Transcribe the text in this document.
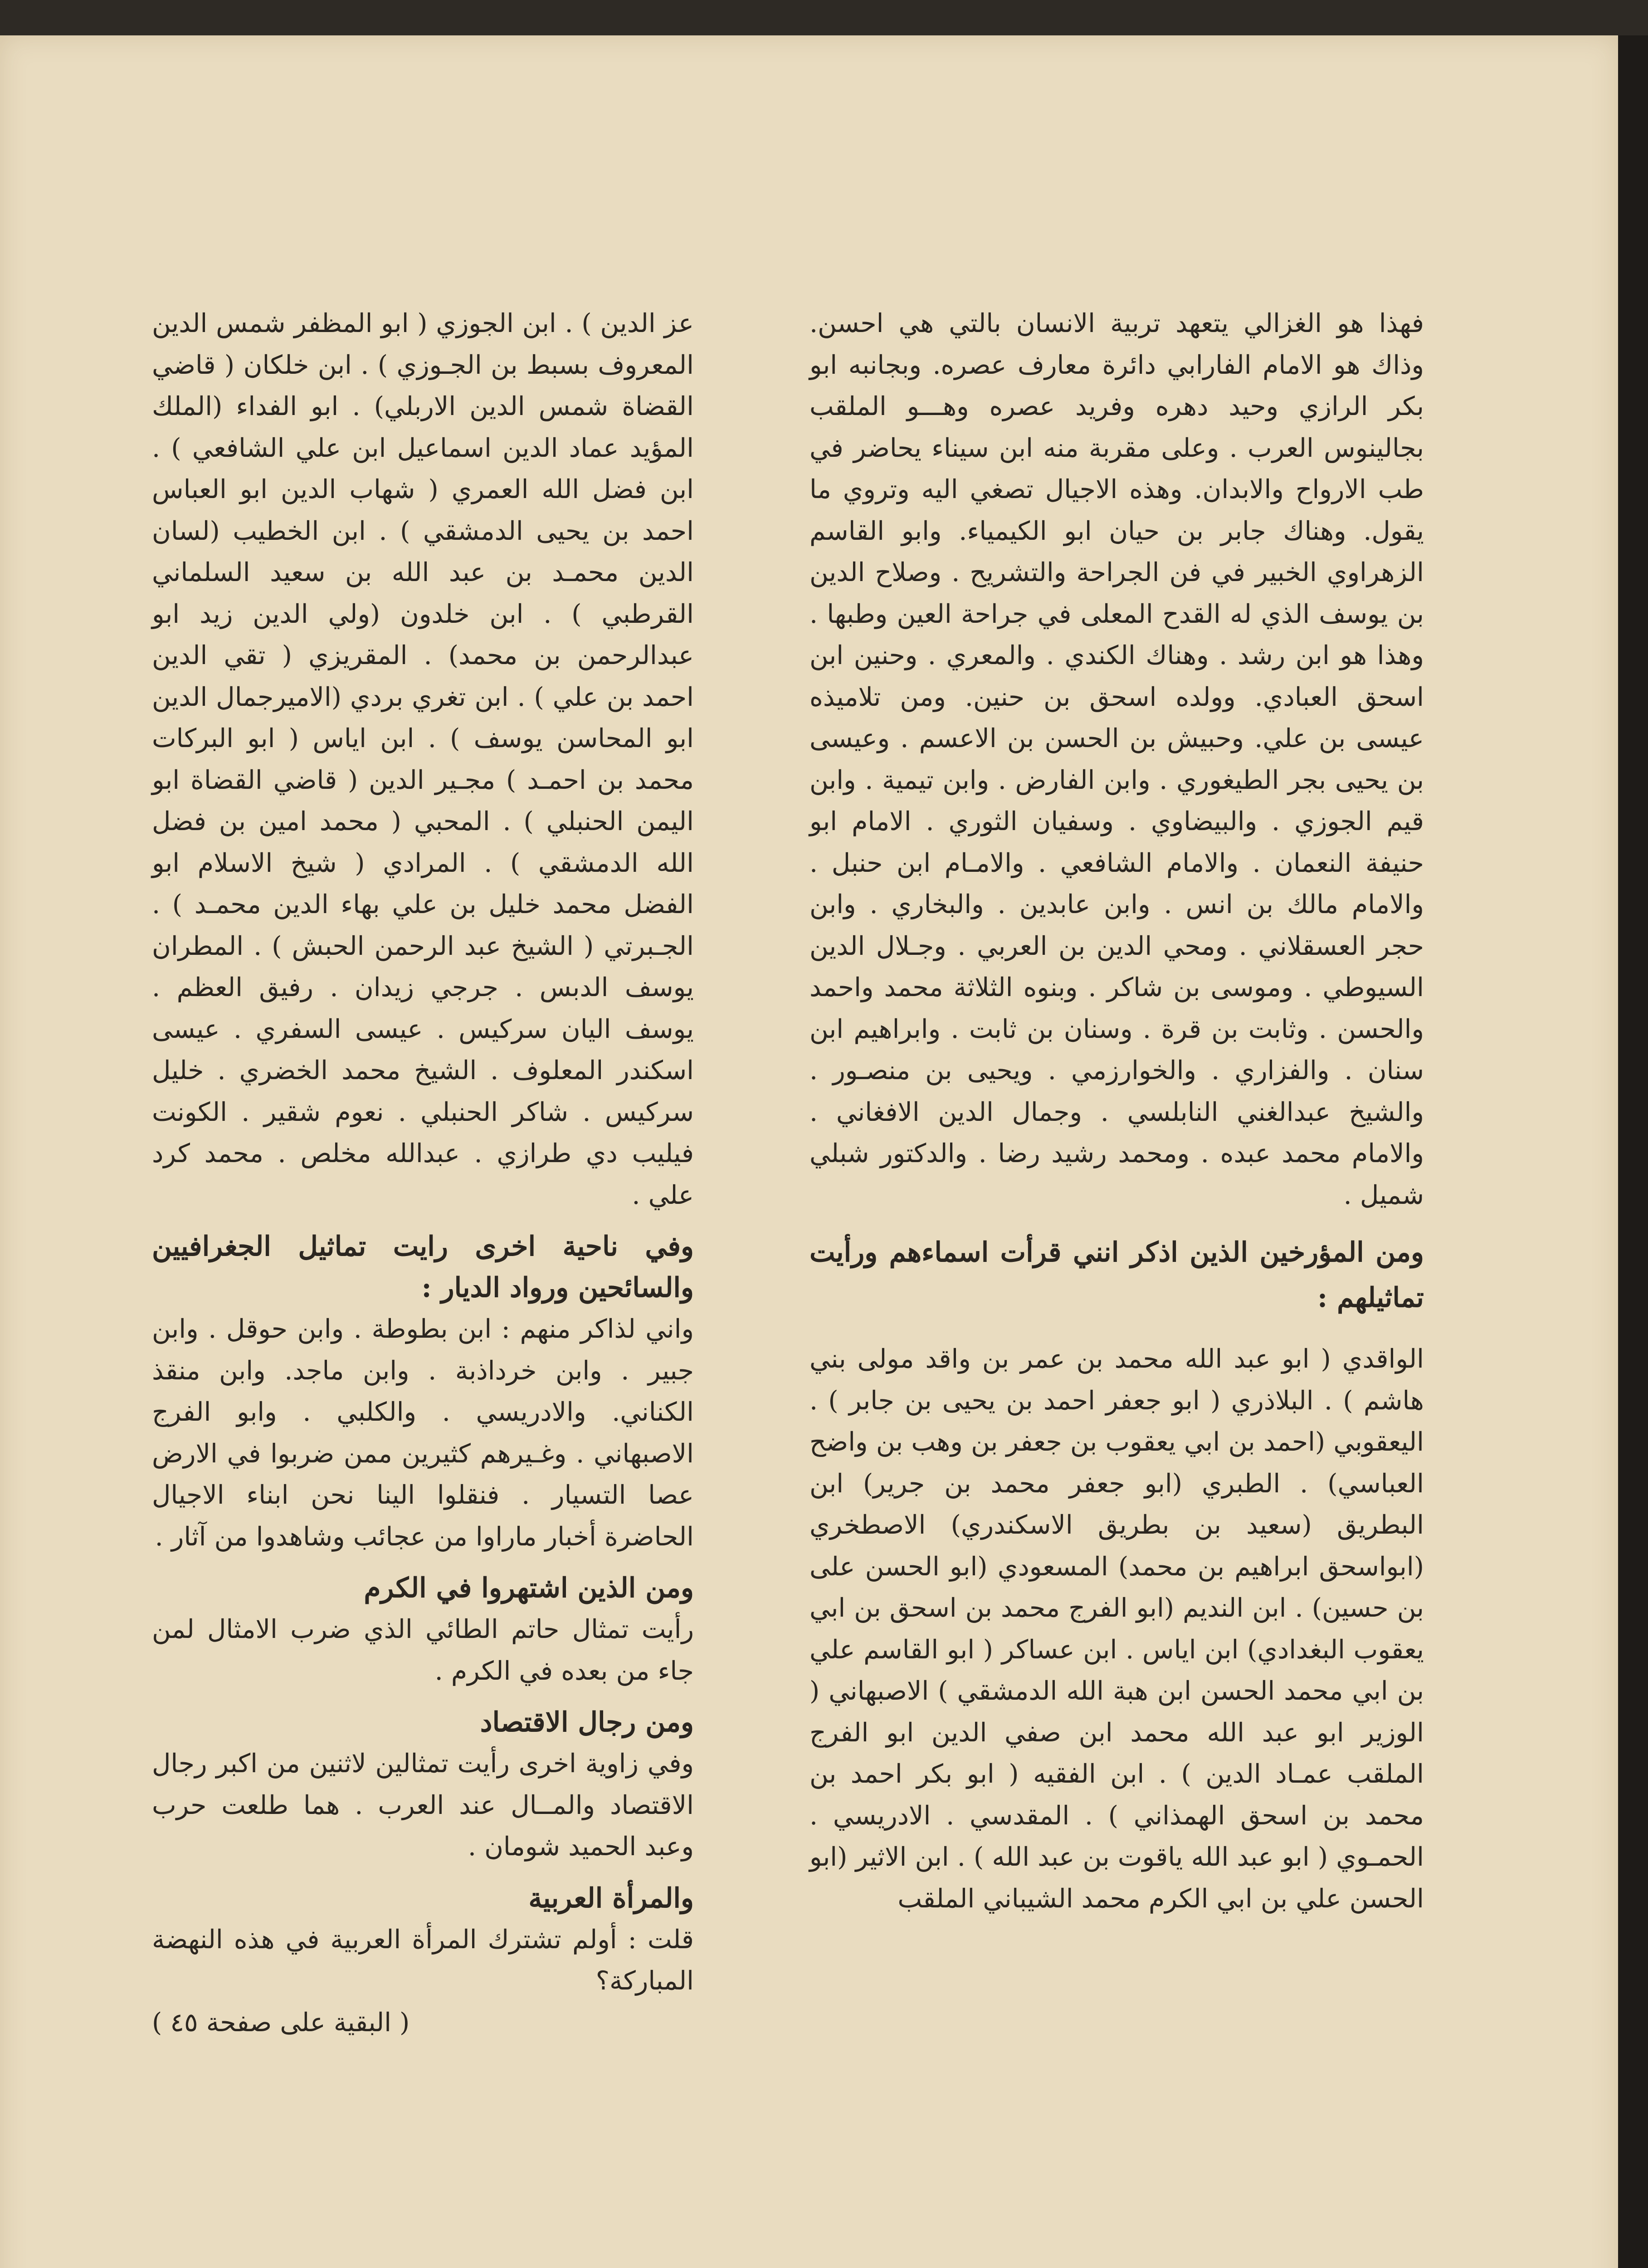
فهذا هو الغزالي يتعهد تربية الانسان بالتي هي احسن. وذاك هو الامام الفارابي دائرة معارف عصره. وبجانبه ابو بكر الرازي وحيد دهره وفريد عصره وهـــو الملقب بجالينوس العرب . وعلى مقربة منه ابن سيناء يحاضر في طب الارواح والابدان. وهذه الاجيال تصغي اليه وتروي ما يقول. وهناك جابر بن حيان ابو الكيمياء. وابو القاسم الزهراوي الخبير في فن الجراحة والتشريح . وصلاح الدين بن يوسف الذي له القدح المعلى في جراحة العين وطبها . وهذا هو ابن رشد . وهناك الكندي . والمعري . وحنين ابن اسحق العبادي. وولده اسحق بن حنين. ومن تلاميذه عيسى بن علي. وحبيش بن الحسن بن الاعسم . وعيسى بن يحيى بجر الطيغوري . وابن الفارض . وابن تيمية . وابن قيم الجوزي . والبيضاوي . وسفيان الثوري . الامام ابو حنيفة النعمان . والامام الشافعي . والامـام ابن حنبل . والامام مالك بن انس . وابن عابدين . والبخاري . وابن حجر العسقلاني . ومحي الدين بن العربي . وجـلال الدين السيوطي . وموسى بن شاكر . وبنوه الثلاثة محمد واحمد والحسن . وثابت بن قرة . وسنان بن ثابت . وابراهيم ابن سنان . والفزاري . والخوارزمي . ويحيى بن منصـور . والشيخ عبدالغني النابلسي . وجمال الدين الافغاني . والامام محمد عبده . ومحمد رشيد رضا . والدكتور شبلي شميل .

ومن المؤرخين الذين اذكر انني قرأت اسماءهم ورأيت تماثيلهم :

الواقدي ( ابو عبد الله محمد بن عمر بن واقد مولى بني هاشم ) . البلاذري ( ابو جعفر احمد بن يحيى بن جابر ) . اليعقوبي (احمد بن ابي يعقوب بن جعفر بن وهب بن واضح العباسي) . الطبري (ابو جعفر محمد بن جرير) ابن البطريق (سعيد بن بطريق الاسكندري) الاصطخري (ابواسحق ابراهيم بن محمد) المسعودي (ابو الحسن على بن حسين) . ابن النديم (ابو الفرج محمد بن اسحق بن ابي يعقوب البغدادي) ابن اياس . ابن عساكر ( ابو القاسم علي بن ابي محمد الحسن ابن هبة الله الدمشقي ) الاصبهاني ( الوزير ابو عبد الله محمد ابن صفي الدين ابو الفرج الملقب عمـاد الدين ) . ابن الفقيه ( ابو بكر احمد بن محمد بن اسحق الهمذاني ) . المقدسي . الادريسي . الحمـوي ( ابو عبد الله ياقوت بن عبد الله ) . ابن الاثير (ابو الحسن علي بن ابي الكرم محمد الشيباني الملقب

عز الدين ) . ابن الجوزي ( ابو المظفر شمس الدين المعروف بسبط بن الجـوزي ) . ابن خلكان ( قاضي القضاة شمس الدين الاربلي) . ابو الفداء (الملك المؤيد عماد الدين اسماعيل ابن علي الشافعي ) . ابن فضل الله العمري ( شهاب الدين ابو العباس احمد بن يحيى الدمشقي ) . ابن الخطيب (لسان الدين محمـد بن عبد الله بن سعيد السلماني القرطبي ) . ابن خلدون (ولي الدين زيد ابو عبدالرحمن بن محمد) . المقريزي ( تقي الدين احمد بن علي ) . ابن تغري بردي (الاميرجمال الدين ابو المحاسن يوسف ) . ابن اياس ( ابو البركات محمد بن احمـد ) مجـير الدين ( قاضي القضاة ابو اليمن الحنبلي ) . المحبي ( محمد امين بن فضل الله الدمشقي ) . المرادي ( شيخ الاسلام ابو الفضل محمد خليل بن علي بهاء الدين محمـد ) . الجـبرتي ( الشيخ عبد الرحمن الحبش ) . المطران يوسف الدبس . جرجي زيدان . رفيق العظم . يوسف اليان سركيس . عيسى السفري . عيسى اسكندر المعلوف . الشيخ محمد الخضري . خليل سركيس . شاكر الحنبلي . نعوم شقير . الكونت فيليب دي طرازي . عبدالله مخلص . محمد كرد علي .

وفي ناحية اخرى رايت تماثيل الجغرافيين والسائحين ورواد الديار :

واني لذاكر منهم : ابن بطوطة . وابن حوقل . وابن جبير . وابن خرداذبة . وابن ماجد. وابن منقذ الكناني. والادريسي . والكلبي . وابو الفرج الاصبهاني . وغـيرهم كثيرين ممن ضربوا في الارض عصا التسيار . فنقلوا الينا نحن ابناء الاجيال الحاضرة أخبار ماراوا من عجائب وشاهدوا من آثار .

ومن الذين اشتهروا في الكرم

رأيت تمثال حاتم الطائي الذي ضرب الامثال لمن جاء من بعده في الكرم .

ومن رجال الاقتصاد

وفي زاوية اخرى رأيت تمثالين لاثنين من اكبر رجال الاقتصاد والمــال عند العرب . هما طلعت حرب وعبد الحميد شومان .

والمرأة العربية

قلت : أولم تشترك المرأة العربية في هذه النهضة المباركة؟

( البقية على صفحة ٤٥ )
